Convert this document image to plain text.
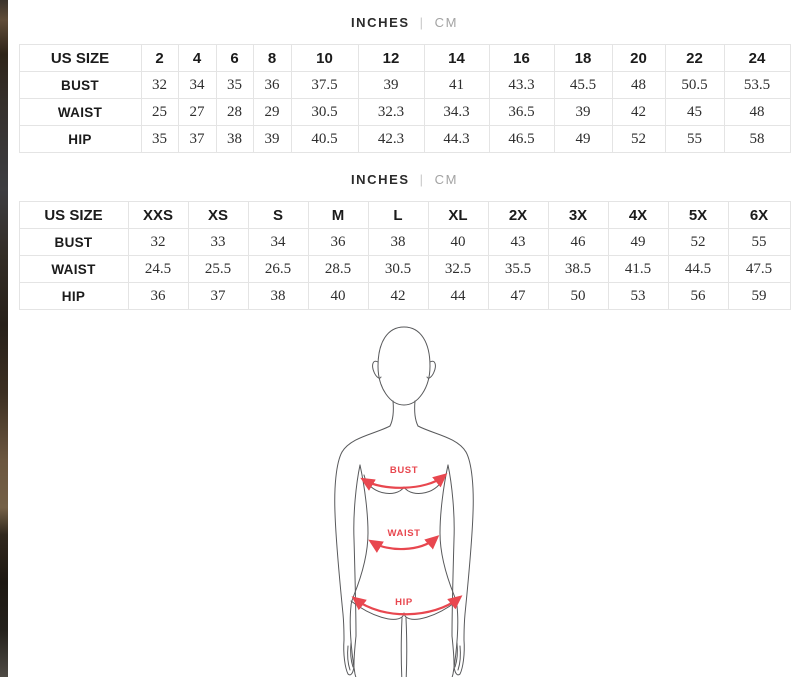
INCHES | CM
US SIZE	2	4	6	8	10	12	14	16	18	20	22	24
BUST	32	34	35	36	37.5	39	41	43.3	45.5	48	50.5	53.5
WAIST	25	27	28	29	30.5	32.3	34.3	36.5	39	42	45	48
HIP	35	37	38	39	40.5	42.3	44.3	46.5	49	52	55	58
INCHES | CM
US SIZE	XXS	XS	S	M	L	XL	2X	3X	4X	5X	6X
BUST	32	33	34	36	38	40	43	46	49	52	55
WAIST	24.5	25.5	26.5	28.5	30.5	32.5	35.5	38.5	41.5	44.5	47.5
HIP	36	37	38	40	42	44	47	50	53	56	59
BUST
WAIST
HIP
